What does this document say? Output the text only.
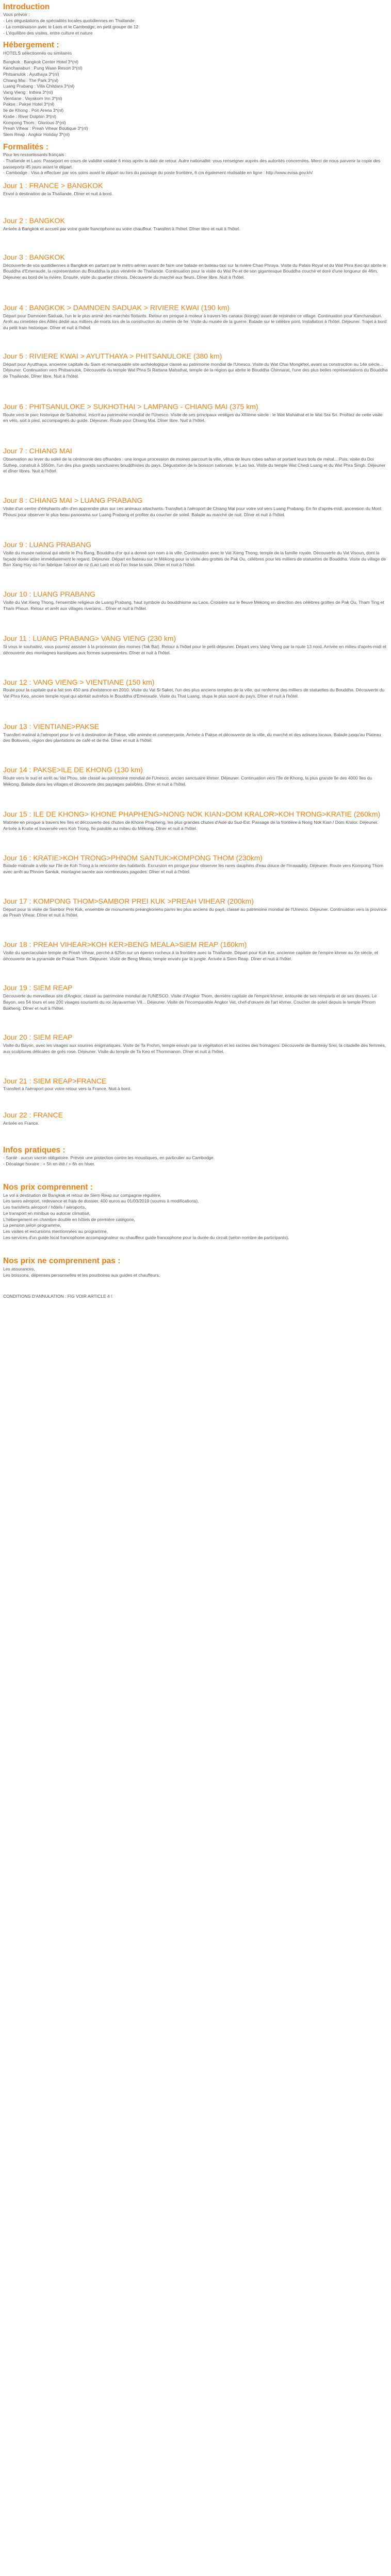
Introduction
Vous prévoir :
- Les dégustations de spécialités locales quotidiennes en Thaïlande
- La combinaison avec le Laos et le Cambodge, en petit groupe de 12
- L'équilibre des visites, entre culture et nature
Hébergement :

HOTELS sélectionnés ou similaires

Bangkok : Bangkok Center Hotel 3*(nl)
Kanchanaburi : Pung Waan Resort 3*(nl)
Phitsanulok : Ayuthaya 3*(nl)
Chiang Mai : The Park 3*(nl)
Luang Prabang : Villa Chitdara 3*(nl)
Vang Vieng : Inthira 3*(nl)
Vientiane : Vayakorn Inn 3*(nl)
Pakse : Pakse Hotel 3*(nl)
Ile de Khong : Pon Arena 3*(nl)
Kratie : River Dolphin 3*(nl)
Kompong Thom : Glorious 3*(nl)
Preah Vihear : Preah Vihear Boutique 3*(nl)
Siem Reap : Angkor Holiday 3*(nl)
Formalités :
Pour les ressortissants français :
- Thaïlande et Laos: Passeport en cours de validité valable 6 mois après la date de retour. Autre nationalité: vous renseigner auprès des autorités concernées. Merci de nous parvenir la copie des passeports 45 jours avant le départ.
- Cambodge : Visa à effectuer par vos soins avant le départ ou lors du passage du poste frontière, 6 cm également réalisable en ligne : http://www.evisa.gov.kh/
Jour 1 : FRANCE > BANGKOK

Envol à destination de la Thaïlande. Dîner et nuit à bord.

Jour 2 : BANGKOK

Arrivée à Bangkok et accueil par votre guide francophone ou votre chauffeur. Transfert à l'hôtel. Dîner libre et nuit à l'hôtel.

Jour 3 : BANGKOK

Découverte de vos quotidiennes à Bangkok en partant par le métro aérien avant de faire une balade en bateau-taxi sur la rivière Chao Phraya. Visite du Palais Royal et du Wat Phra Keo qui abrite le Bouddha d'Emeraude, la représentation du Bouddha la plus vénérée de Thaïlande. Continuation pour la visite du Wat Po et de son gigantesque Bouddha couché et doré d'une longueur de 46m. Déjeuner au bord de la rivière. Ensuite, visite du quartier chinois. Découverte du marché aux fleurs. Dîner libre. Nuit à l'hôtel.

Jour 4 : BANGKOK > DAMNOEN SADUAK > RIVIERE KWAI (190 km)

Départ pour Damnoen Saduak, l'un le le plus animé des marchés flottants. Retour en pirogue à moteur à travers les canaux (klongs) avant de rejoindre ce village. Continuation pour Kanchanaburi. Arrêt au cimetière des Alliés dédié aux milliers de morts lors de la construction du chemin de fer. Visite du musée de la guerre. Balade sur le célèbre pont. Installation à l'hôtel. Déjeuner. Trajet à bord du petit train historique. Dîner et nuit à l'hôtel.

Jour 5 : RIVIERE KWAI > AYUTTHAYA > PHITSANULOKE (380 km)

Départ pour Ayutthaya, ancienne capitale du Siam et remarquable site archéologique classé au patrimoine mondial de l'Unesco. Visite du Wat Chai Mongkhol, avant sa construction au 14e siècle... Déjeuner. Continuation vers Phitsanulok. Découverte du temple Wat Phra Si Rattana Mahathat, temple de la région qui abrite le Bouddha Chinnarat, l'une des plus belles représentations du Bouddha de Thaïlande. Dîner libre. Nuit à l'hôtel.

Jour 6 : PHITSANULOKE > SUKHOTHAI > LAMPANG - CHIANG MAI (375 km)

Route vers le parc historique de Sukhothaï, inscrit au patrimoine mondial de l'Unesco. Visite de ses principaux vestiges du XIIIème siècle : le Wat Mahathat et le Wat Sra Sri. Profitez de cette visite en vélo, soit à pied, accompagnés du guide. Déjeuner. Route pour Chiang Mai. Dîner libre. Nuit à l'hôtel.

Jour 7 : CHIANG MAI

Observation au lever du soleil de la cérémonie des offrandes : une longue procession de moines parcourt la ville, vêtus de leurs robes safran et portant leurs bols de métal... Puis, visite du Doi Suthep, construit à 1650m, l'un des plus grands sanctuaires bouddhistes du pays. Dégustation de la boisson nationale, le Lao lao. Visite du temple Wat Chedi Luang et du Wat Phra Singh. Déjeuner et dîner libres. Nuit à l'hôtel.

Jour 8 : CHIANG MAI > LUANG PRABANG

Visite d'un centre d'éléphants afin d'en apprendre plus sur ces animaux attachants. Transfert à l'aéroport de Chiang Mai pour votre vol vers Luang Prabang. En fin d'après-midi, ascension du Mont Phousi pour observer le plus beau panorama sur Luang Prabang et profiter du coucher de soleil. Balade au marché de nuit. Dîner et nuit à l'hôtel.

Jour 9 : LUANG PRABANG

Visite du musée national qui abrite le Pra Bang, Bouddha d'or qui a donné son nom à la ville. Continuation avec le Vat Xieng Thong, temple de la famille royale. Découverte du Vat Visoun, dont la façade dorée attire immédiatement le regard. Déjeuner. Départ en bateau sur le Mékong pour la visite des grottes de Pak Ou, célèbres pour les milliers de statuettes de Bouddha. Visite du village de Ban Xang Hay où l'on fabrique l'alcool de riz (Lao Lao) et où l'on tisse la soie. Dîner et nuit à l'hôtel.

Jour 10 : LUANG PRABANG

Visite du Vat Xieng Thong, l'ensemble religieux de Luang Prabang, haut symbole du bouddhisme au Laos. Croisière sur le fleuve Mékong en direction des célèbres grottes de Pak Ou, Tham Ting et Tham Phoun. Retour et arrêt aux villages riverains... Dîner et nuit à l'hôtel.

Jour 11 : LUANG PRABANG> VANG VIENG (230 km)

Si vous le souhaitez, vous pourrez assister à la procession des moines (Tak Bat). Retour à l'hôtel pour le petit-déjeuner. Départ vers Vang Vieng par la route 13 nord. Arrivée en milieu d'après-midi et découverte des montagnes karstiques aux formes surprenantes. Dîner et nuit à l'hôtel.

Jour 12 : VANG VIENG > VIENTIANE (150 km)

Route pour la capitale qui a fait son 450 ans d'existence en 2010. Visite du Vat Si Saket, l'un des plus anciens temples de la ville, qui renferme des milliers de statuettes du Bouddha. Découverte du Vat Phra Keo, ancien temple royal qui abritait autrefois le Bouddha d'Emeraude. Visite du That Luang, stupa le plus sacré du pays. Dîner et nuit à l'hôtel.

Jour 13 : VIENTIANE>PAKSE

Transfert matinal à l'aéroport pour le vol à destination de Pakse, ville animée et commerçante. Arrivée à Pakse et découverte de la ville, du marché et des artisans locaux. Balade jusqu'au Plateau des Bolovens, région des plantations de café et de thé. Dîner et nuit à l'hôtel.

Jour 14 : PAKSE>ILE DE KHONG (130 km)

Route vers le sud et arrêt au Vat Phou, site classé au patrimoine mondial de l'Unesco, ancien sanctuaire khmer. Déjeuner. Continuation vers l'île de Khong, la plus grande île des 4000 îles du Mékong. Balade dans les villages et découverte des paysages paisibles. Dîner et nuit à l'hôtel.

Jour 15 : ILE DE KHONG> KHONE PHAPHENG>NONG NOK KIAN>DOM KRALOR>KOH TRONG>KRATIE (260km)

Matinée en pirogue à travers les îles et découverte des chutes de Khone Phapheng, les plus grandes chutes d'Asie du Sud-Est. Passage de la frontière à Nong Nok Kian / Dom Kralor. Déjeuner. Arrivée à Kratie et traversée vers Koh Trong, île paisible au milieu du Mékong. Dîner et nuit à l'hôtel.

Jour 16 : KRATIE>KOH TRONG>PHNOM SANTUK>KOMPONG THOM (230km)

Balade matinale à vélo sur l'île de Koh Trong à la rencontre des habitants. Excursion en pirogue pour observer les rares dauphins d'eau douce de l'Irrawaddy. Déjeuner. Route vers Kompong Thom avec arrêt au Phnom Santuk, montagne sacrée aux nombreuses pagodes. Dîner et nuit à l'hôtel.

Jour 17 : KOMPONG THOM>SAMBOR PREI KUK >PREAH VIHEAR (200km)

Départ pour la visite de Sambor Prei Kuk, ensemble de monuments préangkoriens parmi les plus anciens du pays, classé au patrimoine mondial de l'Unesco. Déjeuner. Continuation vers la province de Preah Vihear. Dîner et nuit à l'hôtel.

Jour 18 : PREAH VIHEAR>KOH KER>BENG MEALA>SIEM REAP (160km)

Visite du spectaculaire temple de Preah Vihear, perché à 625m sur un éperon rocheux à la frontière avec la Thaïlande. Départ pour Koh Ker, ancienne capitale de l'empire khmer au Xe siècle, et découverte de la pyramide de Prasat Thom. Déjeuner. Visite de Beng Meala, temple envahi par la jungle. Arrivée à Siem Reap. Dîner et nuit à l'hôtel.

Jour 19 : SIEM REAP

Découverte du merveilleux site d'Angkor, classé au patrimoine mondial de l'UNESCO. Visite d'Angkor Thom, dernière capitale de l'empire khmer, entourée de ses remparts et de ses douves. Le Bayon, ses 54 tours et ses 200 visages souriants du roi Jayavarman VII... Déjeuner. Visite de l'incomparable Angkor Vat, chef-d'œuvre de l'art khmer. Coucher de soleil depuis le temple Phnom Bakheng. Dîner et nuit à l'hôtel.

Jour 20 : SIEM REAP

Visite du Bayon, avec les visages aux sourires énigmatiques. Visite de Ta Prohm, temple envahi par la végétation et les racines des fromagers. Découverte de Banteay Srei, la citadelle des femmes, aux sculptures délicates de grès rose. Déjeuner. Visite du temple de Ta Keo et Thommanon. Dîner et nuit à l'hôtel.

Jour 21 : SIEM REAP>FRANCE

Transfert à l'aéroport pour votre retour vers la France. Nuit à bord.

Jour 22 : FRANCE

Arrivée en France.

Infos pratiques :
- Santé : aucun vaccin obligatoire. Prévoir une protection contre les moustiques, en particulier au Cambodge.
- Décalage horaire : + 5h en été / + 6h en hiver.
Nos prix comprennent :
Le vol à destination de Bangkok et retour de Siem Reap sur compagnie régulière,
Les taxes aéroport, redevance et frais de dossier, 400 euros au 01/03/2019 (soumis à modifications),
Les transferts aéroport / hôtels / aéroports,
Le transport en minibus ou autocar climatisé,
L'hébergement en chambre double en hôtels de première catégorie,
La pension selon programme,
Les visites et excursions mentionnées au programme,
Les services d'un guide local francophone accompagnateur ou chauffeur guide francophone pour la durée du circuit (selon nombre de participants).
Nos prix ne comprennent pas :
Les assurances,
Les boissons, dépenses personnelles et les pourboires aux guides et chauffeurs.

CONDITIONS D'ANNULATION : FIG VOIR ARTICLE 4 !
